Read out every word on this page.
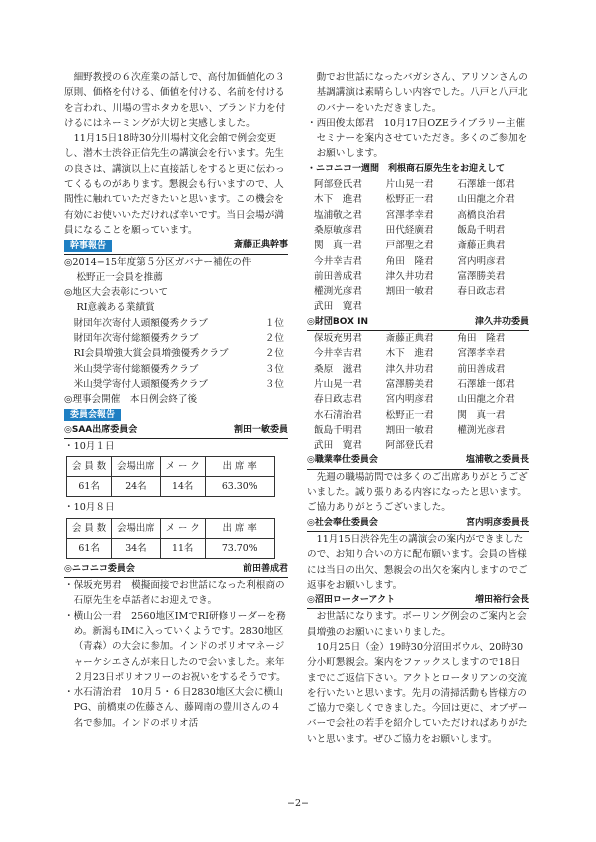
細野教授の６次産業の話しで、高付加価値化の３原則、価格を付ける、価値を付ける、名前を付けるを言われ、川場の雪ホタカを思い、ブランド力を付けるにはネーミングが大切と実感しました。

11月15日18時30分川場村文化会館で例会変更し、潜木士渋谷正信先生の講演会を行います。先生の良さは、講演以上に直接話しをすると更に伝わってくるものがあります。懇親会も行いますので、人間性に触れていただきたいと思います。この機会を有効にお使いいただければ幸いです。当日会場が満員になることを願っています。

幹事報告	斎藤正典幹事

◎2014−15年度第５分区ガバナー補佐の件

松野正一会員を推薦

◎地区大会表彰について

RI意義ある業績賞

財団年次寄付人頭額優秀クラブ	１位
財団年次寄付総額優秀クラブ	２位
RI会員増強大賞会員増強優秀クラブ	２位
米山奨学寄付総額優秀クラブ	３位
米山奨学寄付人頭額優秀クラブ	３位

◎理事会開催　本日例会終了後

委員会報告
◎SAA出席委員会	割田一敏委員

・10月１日

会 員 数	会場出席	メ ー ク	出 席 率
61名	24名	14名	63.30%

・10月８日

会 員 数	会場出席	メ ー ク	出 席 率
61名	34名	11名	73.70%
◎ニコニコ委員会	前田善成君

・保坂充男君　模擬面接でお世話になった利根商の石原先生を卓話者にお迎えでき。

・横山公一君　2560地区IMでRI研修リーダーを務め。新潟もIMに入っていくようです。2830地区（青森）の大会に参加。インドのポリオマネージャーケシエさんが来日したので会いました。来年２月23日ポリオフリーのお祝いをするそうです。

・水石清治君　10月５・６日2830地区大会に横山PG、前橋東の佐藤さん、藤岡南の豊川さんの４名で参加。インドのポリオ活

動でお世話になったバガシさん、アリソンさんの基調講演は素晴らしい内容でした。八戸と八戸北のバナーをいただきました。

・西田俊太郎君　10月17日OZEライブラリー主催セミナーを案内させていただき。多くのご参加をお願いします。

・ニコニコ一週間　利根商石原先生をお迎えして

阿部登氏君	片山晃一君	石澤雄一郎君
木下　進君	松野正一君	山田龍之介君
塩浦敬之君	宮澤孝幸君	高橋良治君
桑原敏彦君	田代経廣君	飯島千明君
関　真一君	戸部聖之君	斎藤正典君
今井幸吉君	角田　隆君	宮内明彦君
前田善成君	津久井功君	富澤勝美君
權渕光彦君	割田一敏君	春日政志君
武田　寛君
◎財団BOX IN	津久井功委員
保坂充男君	斎藤正典君	角田　隆君
今井幸吉君	木下　進君	宮澤孝幸君
桑原　滋君	津久井功君	前田善成君
片山晃一君	富澤勝美君	石澤雄一郎君
春日政志君	宮内明彦君	山田龍之介君
水石清治君	松野正一君	関　真一君
飯島千明君	割田一敏君	權渕光彦君
武田　寛君	阿部登氏君
◎職業奉仕委員会	塩浦敬之委員長

先週の職場訪問では多くのご出席ありがとうございました。誠り張りある内容になったと思います。ご協力ありがとうございました。

◎社会奉仕委員会	宮内明彦委員長

11月15日渋谷先生の講演会の案内ができましたので、お知り合いの方に配布願います。会員の皆様には当日の出欠、懇親会の出欠を案内しますのでご返事をお願いします。

◎沼田ローターアクト	増田裕行会長

お世話になります。ボーリング例会のご案内と会員増強のお願いにまいりました。

10月25日（金）19時30分沼田ボウル、20時30分小町懇親会。案内をファックスしますので18日までにご返信下さい。アクトとロータリアンの交流を行いたいと思います。先月の清掃活動も皆様方のご協力で楽しくできました。今回は更に、オブザーバーで会社の若手を紹介していただければありがたいと思います。ぜひご協力をお願いします。

−2−
